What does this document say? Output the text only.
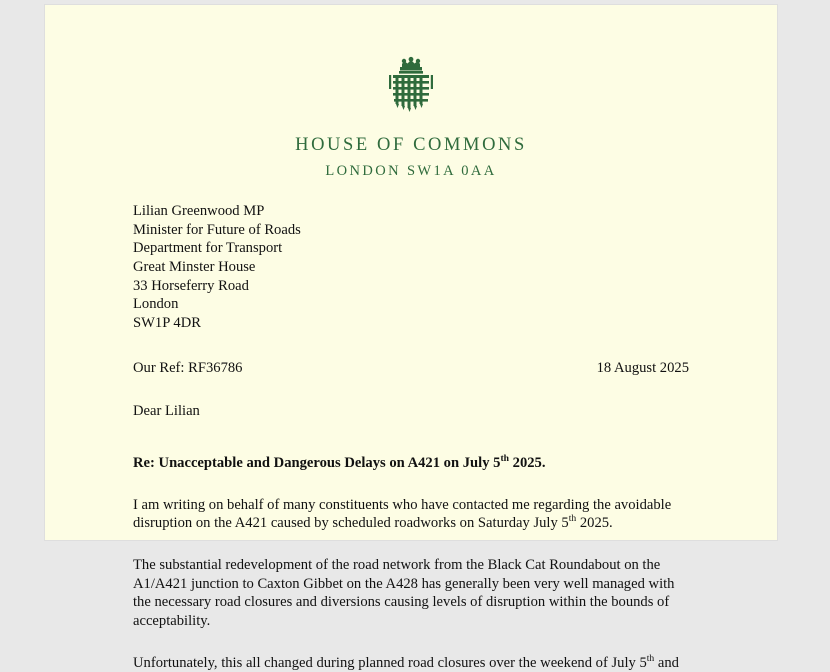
HOUSE OF COMMONS
LONDON SW1A 0AA
Lilian Greenwood MP
Minister for Future of Roads
Department for Transport
Great Minster House
33 Horseferry Road
London
SW1P 4DR
Our Ref: RF36786	18 August 2025
Dear Lilian
Re: Unacceptable and Dangerous Delays on A421 on July 5th 2025.

I am writing on behalf of many constituents who have contacted me regarding the avoidable disruption on the A421 caused by scheduled roadworks on Saturday July 5th 2025.

The substantial redevelopment of the road network from the Black Cat Roundabout on the A1/A421 junction to Caxton Gibbet on the A428 has generally been very well managed with the necessary road closures and diversions causing levels of disruption within the bounds of acceptability.

Unfortunately, this all changed during planned road closures over the weekend of July 5th and
